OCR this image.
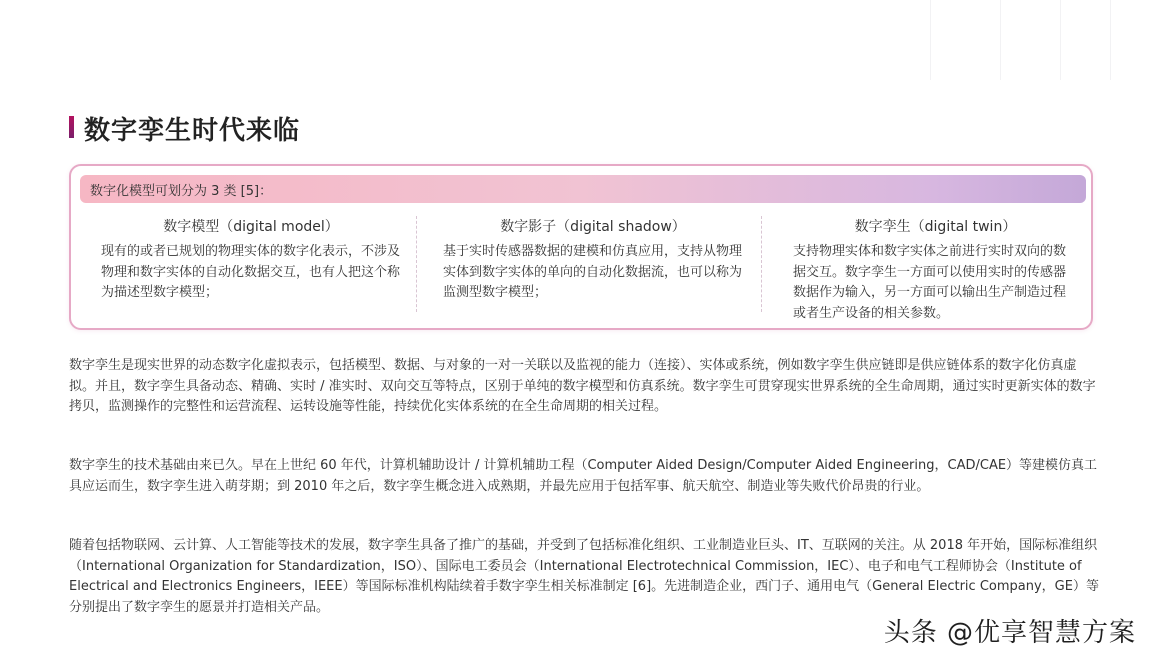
数字孪生时代来临
数字化模型可划分为 3 类 [5]：
数字模型（digital model）
现有的或者已规划的物理实体的数字化表示，不涉及物理和数字实体的自动化数据交互，也有人把这个称为描述型数字模型；
数字影子（digital shadow）
基于实时传感器数据的建模和仿真应用，支持从物理实体到数字实体的单向的自动化数据流，也可以称为监测型数字模型；
数字孪生（digital twin）
支持物理实体和数字实体之前进行实时双向的数据交互。数字孪生一方面可以使用实时的传感器数据作为输入，另一方面可以输出生产制造过程或者生产设备的相关参数。
数字孪生是现实世界的动态数字化虚拟表示，包括模型、数据、与对象的一对一关联以及监视的能力（连接）、实体或系统，例如数字孪生供应链即是供应链体系的数字化仿真虚拟。并且，数字孪生具备动态、精确、实时 / 准实时、双向交互等特点，区别于单纯的数字模型和仿真系统。数字孪生可贯穿现实世界系统的全生命周期，通过实时更新实体的数字拷贝，监测操作的完整性和运营流程、运转设施等性能，持续优化实体系统的在全生命周期的相关过程。
数字孪生的技术基础由来已久。早在上世纪 60 年代，计算机辅助设计 / 计算机辅助工程（Computer Aided Design/Computer Aided Engineering，CAD/CAE）等建模仿真工具应运而生，数字孪生进入萌芽期；到 2010 年之后，数字孪生概念进入成熟期，并最先应用于包括军事、航天航空、制造业等失败代价昂贵的行业。
随着包括物联网、云计算、人工智能等技术的发展，数字孪生具备了推广的基础，并受到了包括标准化组织、工业制造业巨头、IT、互联网的关注。从 2018 年开始，国际标准组织（International Organization for Standardization，ISO）、国际电工委员会（International Electrotechnical Commission，IEC）、电子和电气工程师协会（Institute of Electrical and Electronics Engineers，IEEE）等国际标准机构陆续着手数字孪生相关标准制定 [6]。先进制造企业，西门子、通用电气（General Electric Company，GE）等分别提出了数字孪生的愿景并打造相关产品。
头条 @优享智慧方案
